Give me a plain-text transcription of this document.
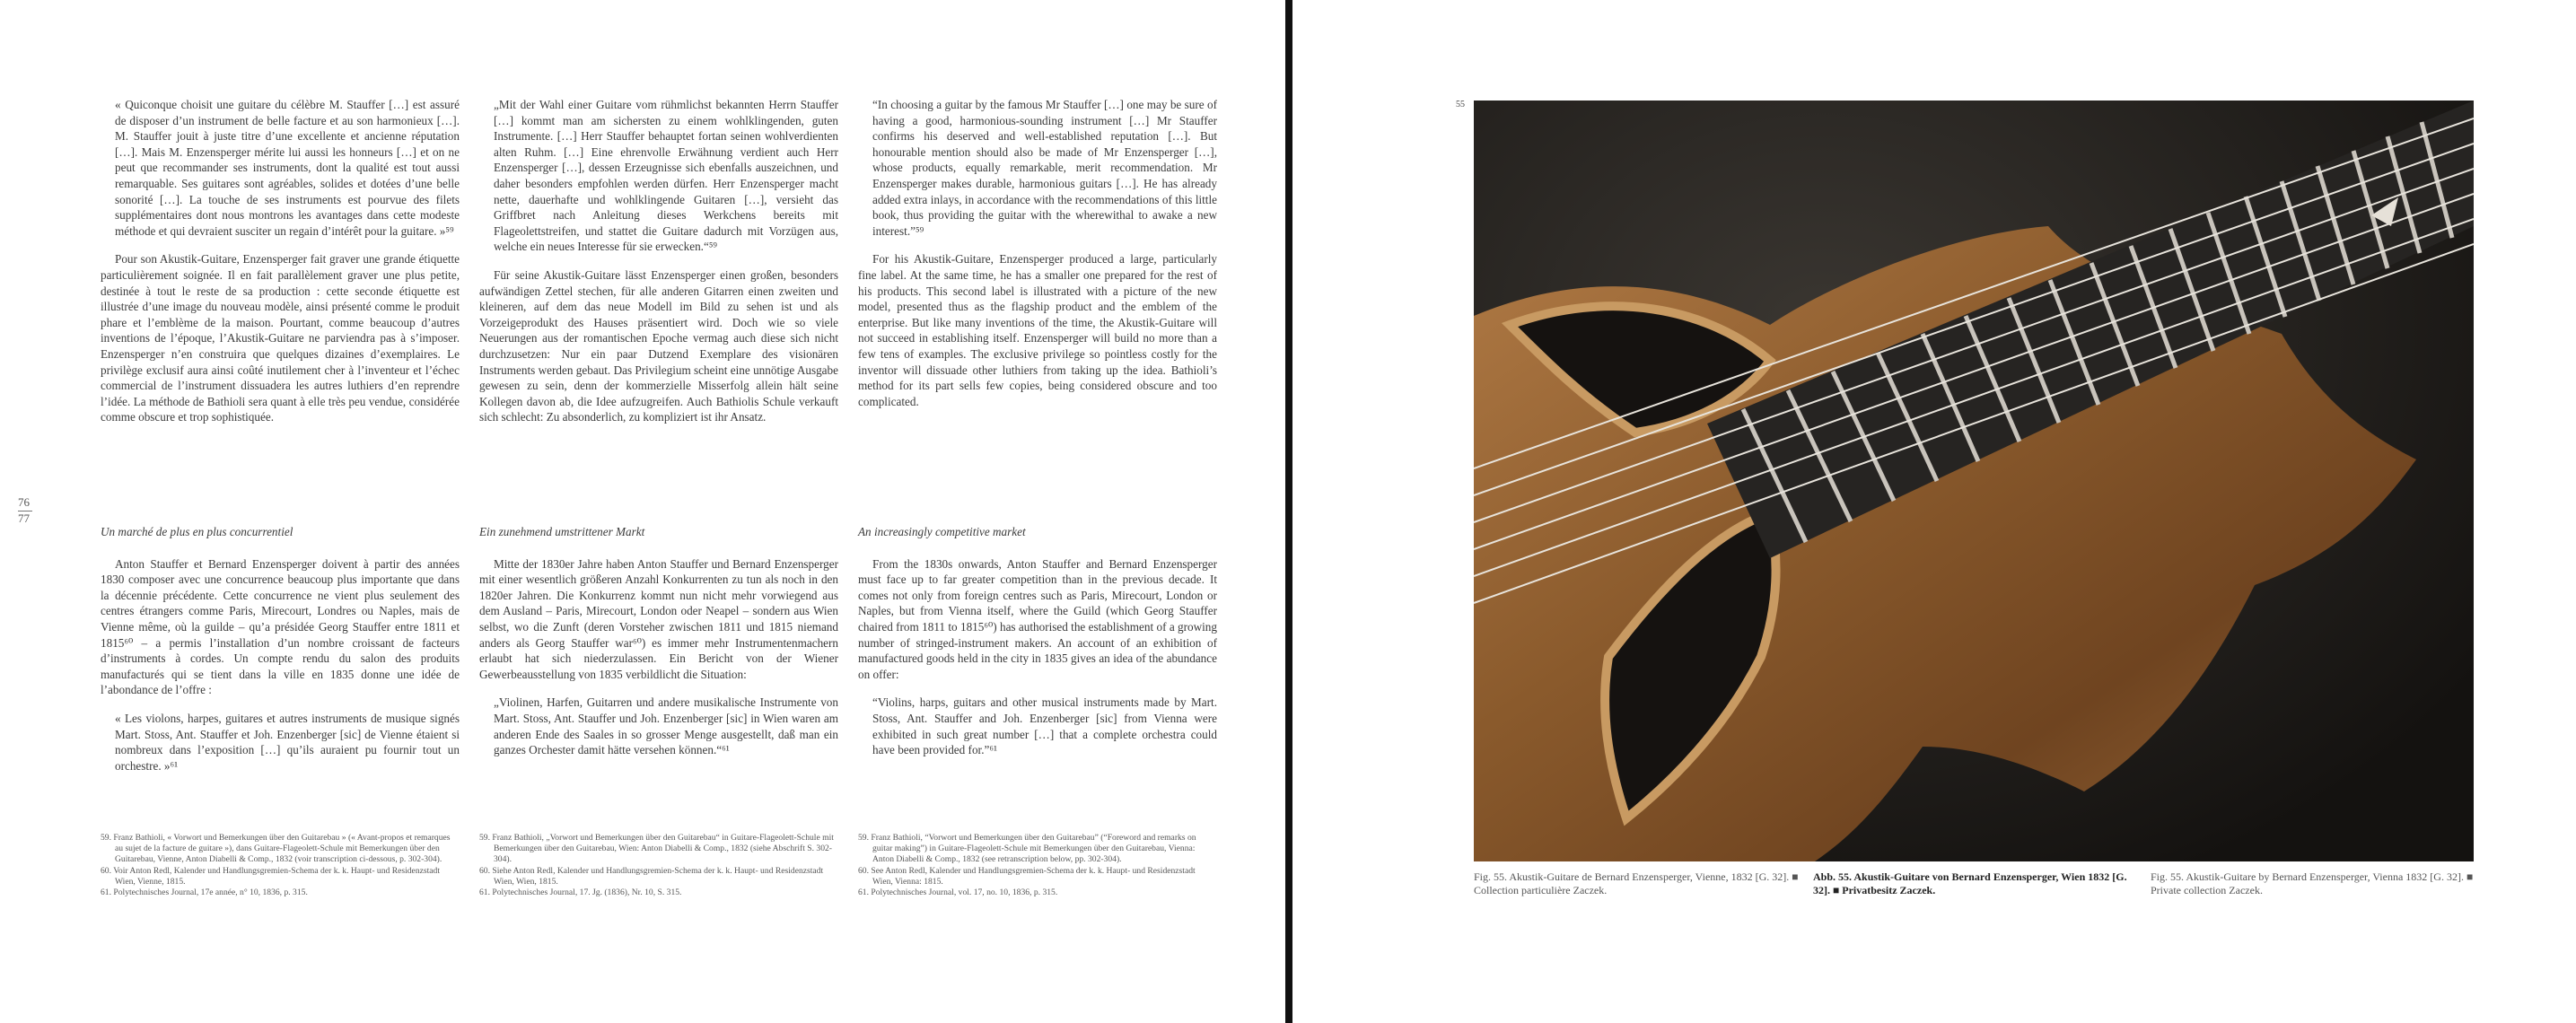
76
77

« Quiconque choisit une guitare du célèbre M. Stauffer […] est assuré de disposer d’un instrument de belle facture et au son harmonieux […]. M. Stauffer jouit à juste titre d’une excellente et ancienne réputation […]. Mais M. Enzensperger mérite lui aussi les honneurs […] et on ne peut que recommander ses instruments, dont la qualité est tout aussi remarquable. Ses guitares sont agréables, solides et dotées d’une belle sonorité […]. La touche de ses instruments est pourvue des filets supplémentaires dont nous montrons les avantages dans cette modeste méthode et qui devraient susciter un regain d’intérêt pour la guitare. »⁵⁹

Pour son Akustik-Guitare, Enzensperger fait graver une grande étiquette particulièrement soignée. Il en fait parallèlement graver une plus petite, destinée à tout le reste de sa production : cette seconde étiquette est illustrée d’une image du nouveau modèle, ainsi présenté comme le produit phare et l’emblème de la maison. Pourtant, comme beaucoup d’autres inventions de l’époque, l’Akustik-Guitare ne parviendra pas à s’imposer. Enzensperger n’en construira que quelques dizaines d’exemplaires. Le privilège exclusif aura ainsi coûté inutilement cher à l’inventeur et l’échec commercial de l’instrument dissuadera les autres luthiers d’en reprendre l’idée. La méthode de Bathioli sera quant à elle très peu vendue, considérée comme obscure et trop sophistiquée.

Un marché de plus en plus concurrentiel

Anton Stauffer et Bernard Enzensperger doivent à partir des années 1830 composer avec une concurrence beaucoup plus importante que dans la décennie précédente. Cette concurrence ne vient plus seulement des centres étrangers comme Paris, Mirecourt, Londres ou Naples, mais de Vienne même, où la guilde – qu’a présidée Georg Stauffer entre 1811 et 1815⁶⁰ – a permis l’installation d’un nombre croissant de facteurs d’instruments à cordes. Un compte rendu du salon des produits manufacturés qui se tient dans la ville en 1835 donne une idée de l’abondance de l’offre :

« Les violons, harpes, guitares et autres instruments de musique signés Mart. Stoss, Ant. Stauffer et Joh. Enzenberger [sic] de Vienne étaient si nombreux dans l’exposition […] qu’ils auraient pu fournir tout un orchestre. »⁶¹

59. Franz Bathioli, « Vorwort und Bemerkungen über den Guitarebau » (« Avant-propos et remarques au sujet de la facture de guitare »), dans Guitare-Flageolett-Schule mit Bemerkungen über den Guitarebau, Vienne, Anton Diabelli & Comp., 1832 (voir transcription ci-dessous, p. 302-304).
60. Voir Anton Redl, Kalender und Handlungsgremien-Schema der k. k. Haupt- und Residenzstadt Wien, Vienne, 1815.
61. Polytechnisches Journal, 17e année, n° 10, 1836, p. 315.

„Mit der Wahl einer Guitare vom rühmlichst bekannten Herrn Stauffer […] kommt man am sichersten zu einem wohlklingenden, guten Instrumente. […] Herr Stauffer behauptet fortan seinen wohlverdienten alten Ruhm. […] Eine ehrenvolle Erwähnung verdient auch Herr Enzensperger […], dessen Erzeugnisse sich ebenfalls auszeichnen, und daher besonders empfohlen werden dürfen. Herr Enzensperger macht nette, dauerhafte und wohlklingende Guitaren […], versieht das Griffbret nach Anleitung dieses Werkchens bereits mit Flageolettstreifen, und stattet die Guitare dadurch mit Vorzügen aus, welche ein neues Interesse für sie erwecken.“⁵⁹

Für seine Akustik-Guitare lässt Enzensperger einen großen, besonders aufwändigen Zettel stechen, für alle anderen Gitarren einen zweiten und kleineren, auf dem das neue Modell im Bild zu sehen ist und als Vorzeigeprodukt des Hauses präsentiert wird. Doch wie so viele Neuerungen aus der romantischen Epoche vermag auch diese sich nicht durchzusetzen: Nur ein paar Dutzend Exemplare des visionären Instruments werden gebaut. Das Privilegium scheint eine unnötige Ausgabe gewesen zu sein, denn der kommerzielle Misserfolg allein hält seine Kollegen davon ab, die Idee aufzugreifen. Auch Bathiolis Schule verkauft sich schlecht: Zu absonderlich, zu kompliziert ist ihr Ansatz.

Ein zunehmend umstrittener Markt

Mitte der 1830er Jahre haben Anton Stauffer und Bernard Enzensperger mit einer wesentlich größeren Anzahl Konkurrenten zu tun als noch in den 1820er Jahren. Die Konkurrenz kommt nun nicht mehr vorwiegend aus dem Ausland – Paris, Mirecourt, London oder Neapel – sondern aus Wien selbst, wo die Zunft (deren Vorsteher zwischen 1811 und 1815 niemand anders als Georg Stauffer war⁶⁰) es immer mehr Instrumentenmachern erlaubt hat sich niederzulassen. Ein Bericht von der Wiener Gewerbeausstellung von 1835 verbildlicht die Situation:

„Violinen, Harfen, Guitarren und andere musikalische Instrumente von Mart. Stoss, Ant. Stauffer und Joh. Enzenberger [sic] in Wien waren am anderen Ende des Saales in so grosser Menge ausgestellt, daß man ein ganzes Orchester damit hätte versehen können.“⁶¹

59. Franz Bathioli, „Vorwort und Bemerkungen über den Guitarebau“ in Guitare-Flageolett-Schule mit Bemerkungen über den Guitarebau, Wien: Anton Diabelli & Comp., 1832 (siehe Abschrift S. 302-304).
60. Siehe Anton Redl, Kalender und Handlungsgremien-Schema der k. k. Haupt- und Residenzstadt Wien, Wien, 1815.
61. Polytechnisches Journal, 17. Jg. (1836), Nr. 10, S. 315.

“In choosing a guitar by the famous Mr Stauffer […] one may be sure of having a good, harmonious-sounding instrument […] Mr Stauffer confirms his deserved and well-established reputation […]. But honourable mention should also be made of Mr Enzensperger […], whose products, equally remarkable, merit recommendation. Mr Enzensperger makes durable, harmonious guitars […]. He has already added extra inlays, in accordance with the recommendations of this little book, thus providing the guitar with the wherewithal to awake a new interest.”⁵⁹

For his Akustik-Guitare, Enzensperger produced a large, particularly fine label. At the same time, he has a smaller one prepared for the rest of his products. This second label is illustrated with a picture of the new model, presented thus as the flagship product and the emblem of the enterprise. But like many inventions of the time, the Akustik-Guitare will not succeed in establishing itself. Enzensperger will build no more than a few tens of examples. The exclusive privilege so pointless costly for the inventor will dissuade other luthiers from taking up the idea. Bathioli’s method for its part sells few copies, being considered obscure and too complicated.

An increasingly competitive market

From the 1830s onwards, Anton Stauffer and Bernard Enzensperger must face up to far greater competition than in the previous decade. It comes not only from foreign centres such as Paris, Mirecourt, London or Naples, but from Vienna itself, where the Guild (which Georg Stauffer chaired from 1811 to 1815⁶⁰) has authorised the establishment of a growing number of stringed-instrument makers. An account of an exhibition of manufactured goods held in the city in 1835 gives an idea of the abundance on offer:

“Violins, harps, guitars and other musical instruments made by Mart. Stoss, Ant. Stauffer and Joh. Enzenberger [sic] from Vienna were exhibited in such great number […] that a complete orchestra could have been provided for.”⁶¹

59. Franz Bathioli, “Vorwort und Bemerkungen über den Guitarebau” (“Foreword and remarks on guitar making”) in Guitare-Flageolett-Schule mit Bemerkungen über den Guitarebau, Vienna: Anton Diabelli & Comp., 1832 (see retranscription below, pp. 302-304).
60. See Anton Redl, Kalender und Handlungsgremien-Schema der k. k. Haupt- und Residenzstadt Wien, Vienna: 1815.
61. Polytechnisches Journal, vol. 17, no. 10, 1836, p. 315.
55
Fig. 55. Akustik-Guitare de Bernard Enzensperger, Vienne, 1832 [G. 32]. ■ Collection particulière Zaczek.
Abb. 55. Akustik-Guitare von Bernard Enzensperger, Wien 1832 [G. 32]. ■ Privatbesitz Zaczek.
Fig. 55. Akustik-Guitare by Bernard Enzensperger, Vienna 1832 [G. 32]. ■ Private collection Zaczek.
